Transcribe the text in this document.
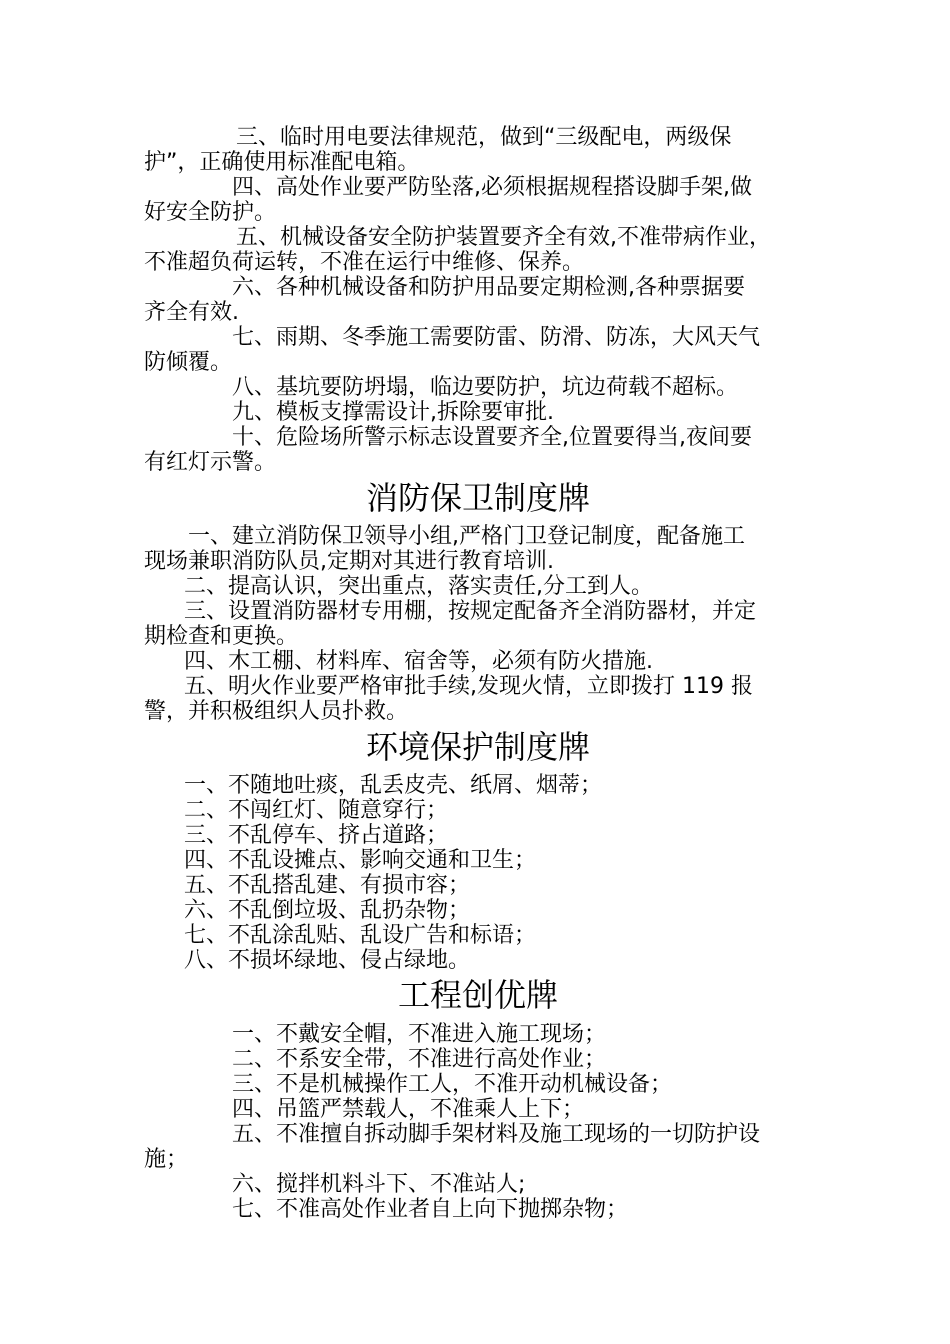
三、临时用电要法律规范，做到“三级配电，两级保
护”，正确使用标准配电箱。

四、高处作业要严防坠落,必须根据规程搭设脚手架,做
好安全防护。

五、机械设备安全防护装置要齐全有效,不准带病作业，
不准超负荷运转，不准在运行中维修、保养。

六、各种机械设备和防护用品要定期检测,各种票据要
齐全有效.

七、雨期、冬季施工需要防雷、防滑、防冻，大风天气
防倾覆。

八、基坑要防坍塌，临边要防护，坑边荷载不超标。

九、模板支撑需设计,拆除要审批.

十、危险场所警示标志设置要齐全,位置要得当,夜间要
有红灯示警。

消防保卫制度牌

一、建立消防保卫领导小组,严格门卫登记制度，配备施工
现场兼职消防队员,定期对其进行教育培训.

二、提高认识，突出重点，落实责任,分工到人。

三、设置消防器材专用棚，按规定配备齐全消防器材，并定
期检查和更换。

四、木工棚、材料库、宿舍等，必须有防火措施.

五、明火作业要严格审批手续,发现火情，立即拨打 119 报
警，并积极组织人员扑救。

环境保护制度牌

一、不随地吐痰，乱丢皮壳、纸屑、烟蒂；

二、不闯红灯、随意穿行；

三、不乱停车、挤占道路；

四、不乱设摊点、影响交通和卫生；

五、不乱搭乱建、有损市容；

六、不乱倒垃圾、乱扔杂物；

七、不乱涂乱贴、乱设广告和标语；

八、不损坏绿地、侵占绿地。

工程创优牌

一、不戴安全帽，不准进入施工现场；

二、不系安全带，不准进行高处作业；

三、不是机械操作工人，不准开动机械设备；

四、吊篮严禁载人，不准乘人上下；

五、不准擅自拆动脚手架材料及施工现场的一切防护设

施；

六、搅拌机料斗下、不准站人;

七、不准高处作业者自上向下抛掷杂物；
